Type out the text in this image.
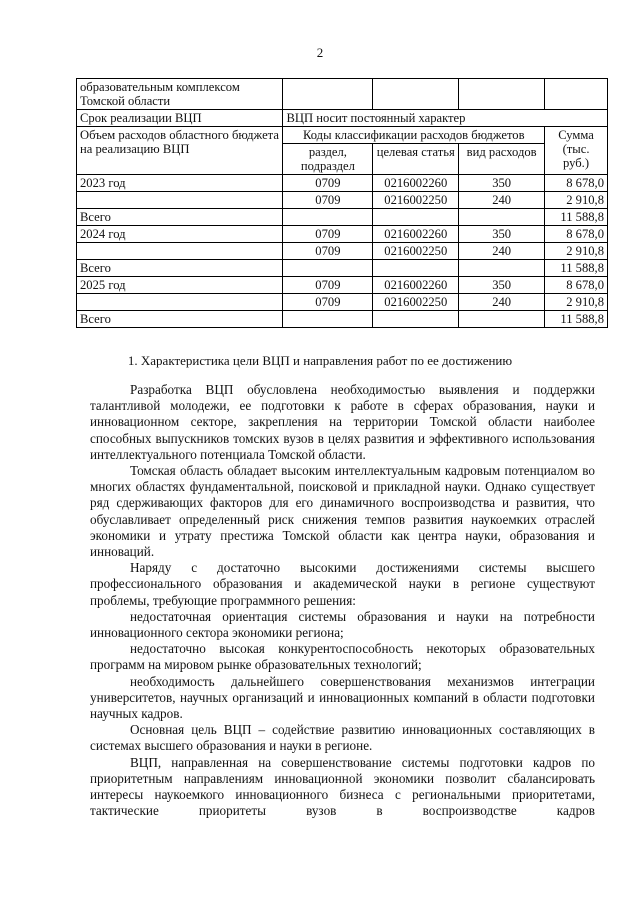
2
образовательным комплексом Томской области				
Срок реализации ВЦП	ВЦП носит постоянный характер			
Объем расходов областного бюджета на реализацию ВЦП	Коды классификации расходов бюджетов			Сумма (тыс. руб.)
	раздел, подраздел	целевая статья	вид расходов	
2023 год	0709	0216002260	350	8 678,0
	0709	0216002250	240	2 910,8
Всего				11 588,8
2024 год	0709	0216002260	350	8 678,0
	0709	0216002250	240	2 910,8
Всего				11 588,8
2025 год	0709	0216002260	350	8 678,0
	0709	0216002250	240	2 910,8
Всего				11 588,8
1. Характеристика цели ВЦП и направления работ по ее достижению

Разработка ВЦП обусловлена необходимостью выявления и поддержки талантливой молодежи, ее подготовки к работе в сферах образования, науки и инновационном секторе, закрепления на территории Томской области наиболее способных выпускников томских вузов в целях развития и эффективного использования интеллектуального потенциала Томской области.

Томская область обладает высоким интеллектуальным кадровым потенциалом во многих областях фундаментальной, поисковой и прикладной науки. Однако существует ряд сдерживающих факторов для его динамичного воспроизводства и развития, что обуславливает определенный риск снижения темпов развития наукоемких отраслей экономики и утрату престижа Томской области как центра науки, образования и инноваций.

Наряду с достаточно высокими достижениями системы высшего профессионального образования и академической науки в регионе существуют проблемы, требующие программного решения:

недостаточная ориентация системы образования и науки на потребности инновационного сектора экономики региона;

недостаточно высокая конкурентоспособность некоторых образовательных программ на мировом рынке образовательных технологий;

необходимость дальнейшего совершенствования механизмов интеграции университетов, научных организаций и инновационных компаний в области подготовки научных кадров.

Основная цель ВЦП – содействие развитию инновационных составляющих в системах высшего образования и науки в регионе.

ВЦП, направленная на совершенствование системы подготовки кадров по приоритетным направлениям инновационной экономики позволит сбалансировать интересы наукоемкого инновационного бизнеса с региональными приоритетами, тактические приоритеты вузов в воспроизводстве кадров
